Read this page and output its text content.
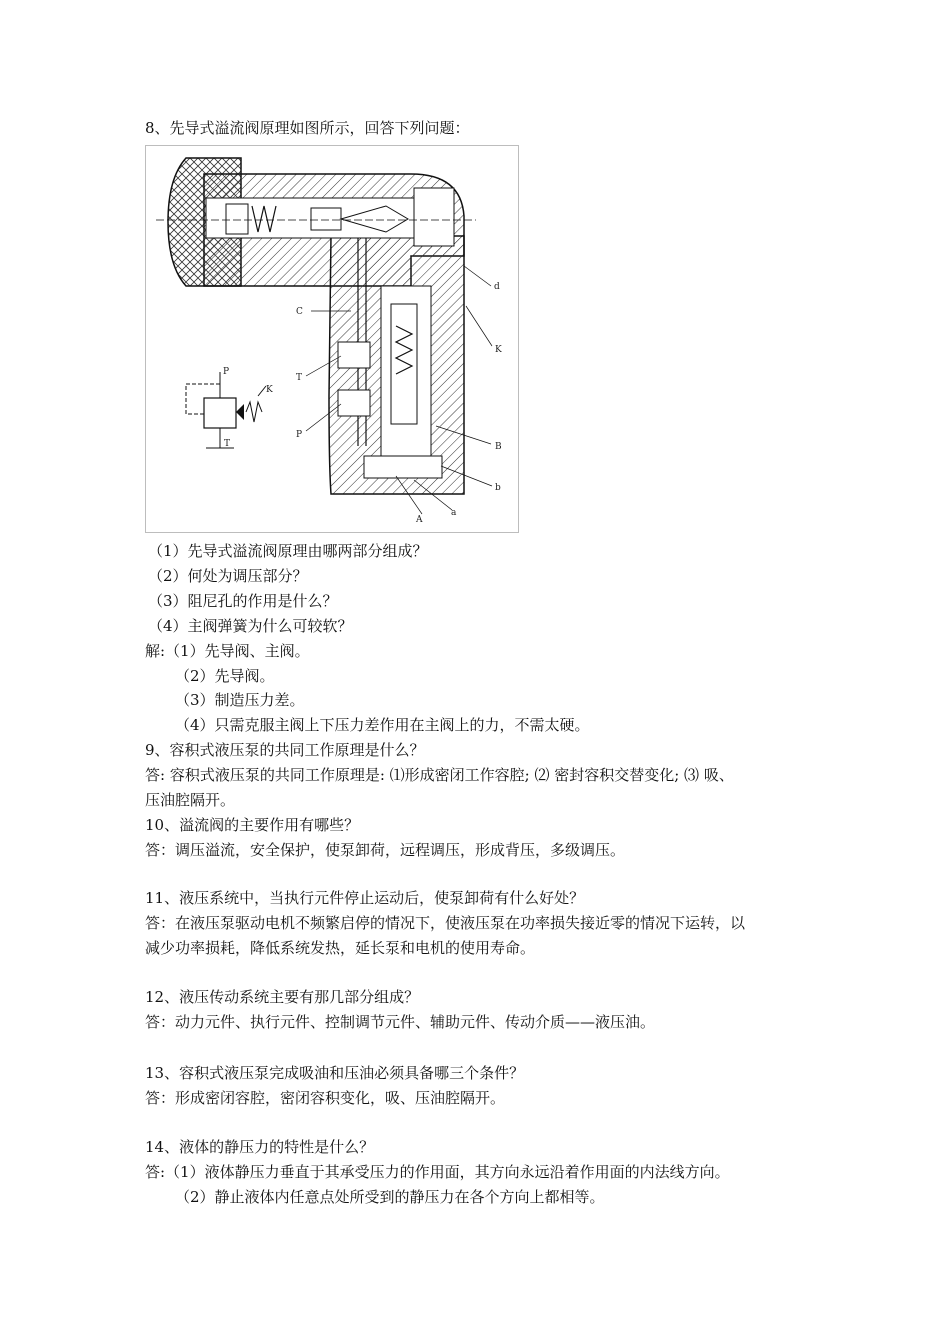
8、先导式溢流阀原理如图所示，回答下列问题：
d
K
C
T
P
B
b
A
a
P
T
K
（1）先导式溢流阀原理由哪两部分组成？
（2）何处为调压部分？
（3）阻尼孔的作用是什么？
（4）主阀弹簧为什么可较软？
解:（1）先导阀、主阀。
（2）先导阀。
（3）制造压力差。
（4）只需克服主阀上下压力差作用在主阀上的力，不需太硬。
9、容积式液压泵的共同工作原理是什么？
答: 容积式液压泵的共同工作原理是: ⑴形成密闭工作容腔; ⑵ 密封容积交替变化; ⑶ 吸、
压油腔隔开。
10、溢流阀的主要作用有哪些？
答：调压溢流，安全保护，使泵卸荷，远程调压，形成背压，多级调压。
11、液压系统中，当执行元件停止运动后，使泵卸荷有什么好处？
答：在液压泵驱动电机不频繁启停的情况下，使液压泵在功率损失接近零的情况下运转，以
减少功率损耗，降低系统发热，延长泵和电机的使用寿命。
12、液压传动系统主要有那几部分组成？
答：动力元件、执行元件、控制调节元件、辅助元件、传动介质——液压油。
13、容积式液压泵完成吸油和压油必须具备哪三个条件？
答：形成密闭容腔，密闭容积变化，吸、压油腔隔开。
14、液体的静压力的特性是什么？
答:（1）液体静压力垂直于其承受压力的作用面，其方向永远沿着作用面的内法线方向。
（2）静止液体内任意点处所受到的静压力在各个方向上都相等。
